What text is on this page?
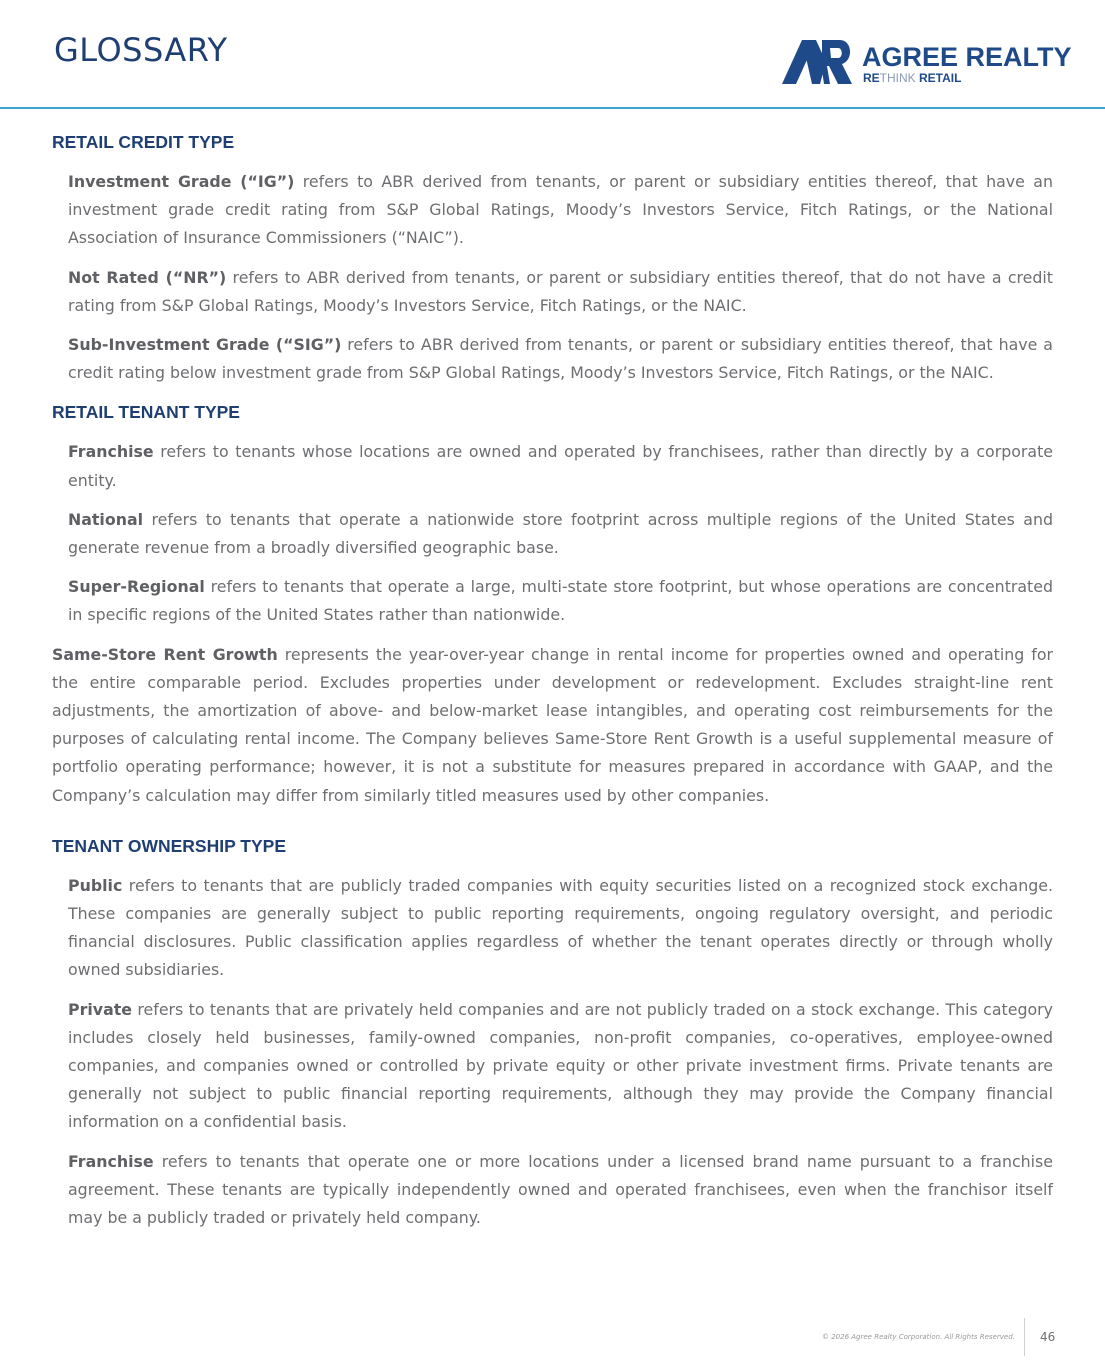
GLOSSARY	AGREE REALTY
RETHINK RETAIL
RETAIL CREDIT TYPE

Investment Grade (“IG”) refers to ABR derived from tenants, or parent or subsidiary entities thereof, that have an investment grade credit rating from S&P Global Ratings, Moody’s Investors Service, Fitch Ratings, or the National Association of Insurance Commissioners (“NAIC”).

Not Rated (“NR”) refers to ABR derived from tenants, or parent or subsidiary entities thereof, that do not have a credit rating from S&P Global Ratings, Moody’s Investors Service, Fitch Ratings, or the NAIC.

Sub-Investment Grade (“SIG”) refers to ABR derived from tenants, or parent or subsidiary entities thereof, that have a credit rating below investment grade from S&P Global Ratings, Moody’s Investors Service, Fitch Ratings, or the NAIC.

RETAIL TENANT TYPE

Franchise refers to tenants whose locations are owned and operated by franchisees, rather than directly by a corporate entity.

National refers to tenants that operate a nationwide store footprint across multiple regions of the United States and generate revenue from a broadly diversified geographic base.

Super-Regional refers to tenants that operate a large, multi-state store footprint, but whose operations are concentrated in specific regions of the United States rather than nationwide.

Same-Store Rent Growth represents the year-over-year change in rental income for properties owned and operating for the entire comparable period. Excludes properties under development or redevelopment. Excludes straight-line rent adjustments, the amortization of above- and below-market lease intangibles, and operating cost reimbursements for the purposes of calculating rental income. The Company believes Same-Store Rent Growth is a useful supplemental measure of portfolio operating performance; however, it is not a substitute for measures prepared in accordance with GAAP, and the Company’s calculation may differ from similarly titled measures used by other companies.

TENANT OWNERSHIP TYPE

Public refers to tenants that are publicly traded companies with equity securities listed on a recognized stock exchange. These companies are generally subject to public reporting requirements, ongoing regulatory oversight, and periodic financial disclosures. Public classification applies regardless of whether the tenant operates directly or through wholly owned subsidiaries.

Private refers to tenants that are privately held companies and are not publicly traded on a stock exchange. This category includes closely held businesses, family-owned companies, non-profit companies, co-operatives, employee-owned companies, and companies owned or controlled by private equity or other private investment firms. Private tenants are generally not subject to public financial reporting requirements, although they may provide the Company financial information on a confidential basis.

Franchise refers to tenants that operate one or more locations under a licensed brand name pursuant to a franchise agreement. These tenants are typically independently owned and operated franchisees, even when the franchisor itself may be a publicly traded or privately held company.

© 2026 Agree Realty Corporation. All Rights Reserved. 46
